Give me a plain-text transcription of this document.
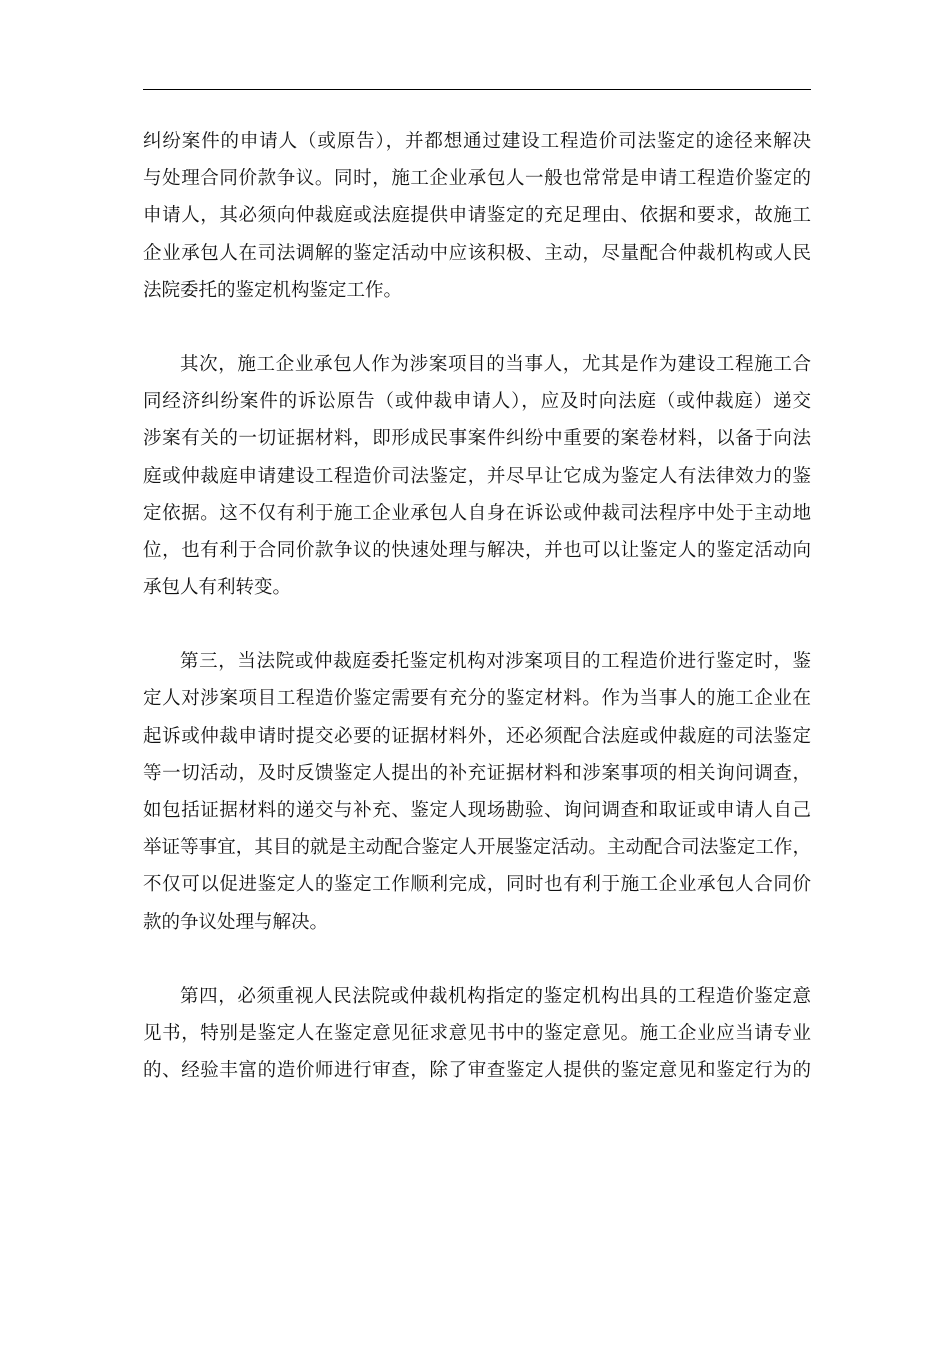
纠纷案件的申请人（或原告），并都想通过建设工程造价司法鉴定的途径来解决
与处理合同价款争议。同时，施工企业承包人一般也常常是申请工程造价鉴定的
申请人，其必须向仲裁庭或法庭提供申请鉴定的充足理由、依据和要求，故施工
企业承包人在司法调解的鉴定活动中应该积极、主动，尽量配合仲裁机构或人民
法院委托的鉴定机构鉴定工作。

其次，施工企业承包人作为涉案项目的当事人，尤其是作为建设工程施工合
同经济纠纷案件的诉讼原告（或仲裁申请人），应及时向法庭（或仲裁庭）递交
涉案有关的一切证据材料，即形成民事案件纠纷中重要的案卷材料，以备于向法
庭或仲裁庭申请建设工程造价司法鉴定，并尽早让它成为鉴定人有法律效力的鉴
定依据。这不仅有利于施工企业承包人自身在诉讼或仲裁司法程序中处于主动地
位，也有利于合同价款争议的快速处理与解决，并也可以让鉴定人的鉴定活动向
承包人有利转变。

第三，当法院或仲裁庭委托鉴定机构对涉案项目的工程造价进行鉴定时，鉴
定人对涉案项目工程造价鉴定需要有充分的鉴定材料。作为当事人的施工企业在
起诉或仲裁申请时提交必要的证据材料外，还必须配合法庭或仲裁庭的司法鉴定
等一切活动，及时反馈鉴定人提出的补充证据材料和涉案事项的相关询问调查，
如包括证据材料的递交与补充、鉴定人现场勘验、询问调查和取证或申请人自己
举证等事宜，其目的就是主动配合鉴定人开展鉴定活动。主动配合司法鉴定工作，
不仅可以促进鉴定人的鉴定工作顺利完成，同时也有利于施工企业承包人合同价
款的争议处理与解决。

第四，必须重视人民法院或仲裁机构指定的鉴定机构出具的工程造价鉴定意
见书，特别是鉴定人在鉴定意见征求意见书中的鉴定意见。施工企业应当请专业
的、经验丰富的造价师进行审查，除了审查鉴定人提供的鉴定意见和鉴定行为的
